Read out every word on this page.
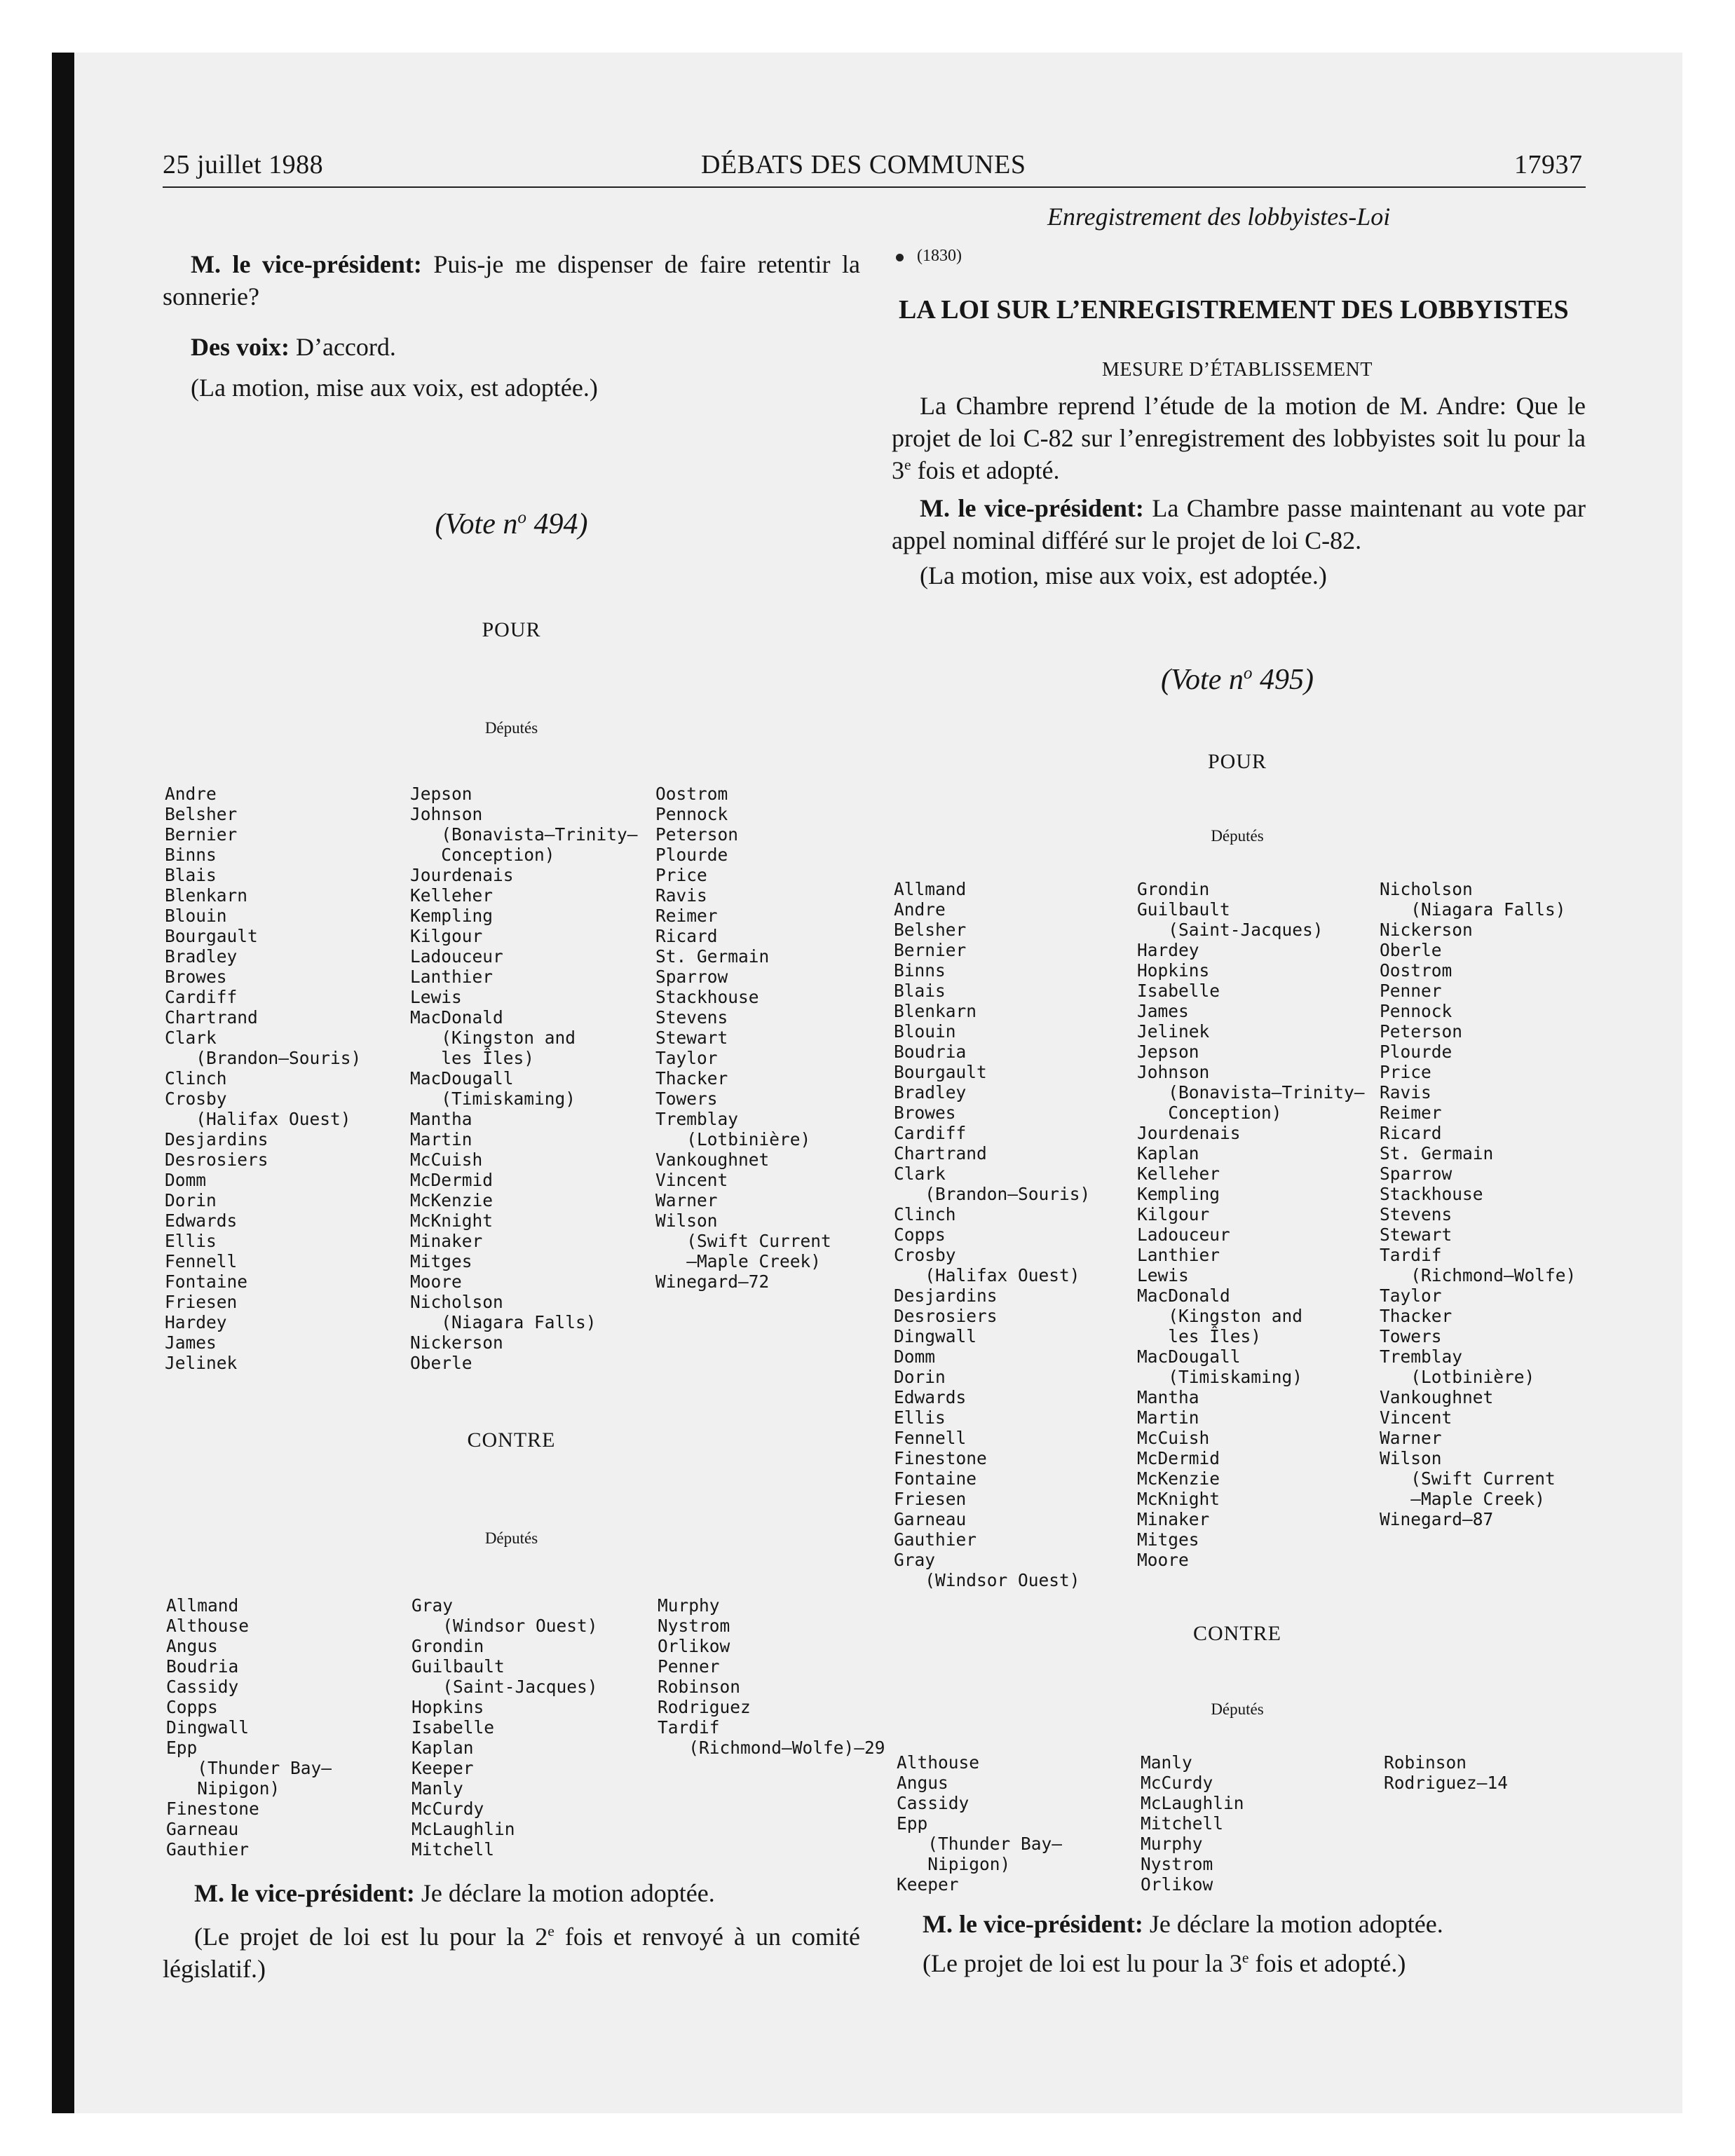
25 juillet 1988	DÉBATS DES COMMUNES	17937

M. le vice-président: Puis-je me dispenser de faire retentir la sonnerie?

Des voix: D’accord.

(La motion, mise aux voix, est adoptée.)

(Vote $n^o$ 494)
POUR
Députés
Andre
Belsher
Bernier
Binns
Blais
Blenkarn
Blouin
Bourgault
Bradley
Browes
Cardiff
Chartrand
Clark
(Brandon—Souris)
Clinch
Crosby
(Halifax Ouest)
Desjardins
Desrosiers
Domm
Dorin
Edwards
Ellis
Fennell
Fontaine
Friesen
Hardey
James
Jelinek
Jepson
Johnson
(Bonavista—Trinity—
Conception)
Jourdenais
Kelleher
Kempling
Kilgour
Ladouceur
Lanthier
Lewis
MacDonald
(Kingston and
les Îles)
MacDougall
(Timiskaming)
Mantha
Martin
McCuish
McDermid
McKenzie
McKnight
Minaker
Mitges
Moore
Nicholson
(Niagara Falls)
Nickerson
Oberle
Oostrom
Pennock
Peterson
Plourde
Price
Ravis
Reimer
Ricard
St. Germain
Sparrow
Stackhouse
Stevens
Stewart
Taylor
Thacker
Towers
Tremblay
(Lotbinière)
Vankoughnet
Vincent
Warner
Wilson
(Swift Current
—Maple Creek)
Winegard—72
CONTRE
Députés
Allmand
Althouse
Angus
Boudria
Cassidy
Copps
Dingwall
Epp
(Thunder Bay—
Nipigon)
Finestone
Garneau
Gauthier
Gray
(Windsor Ouest)
Grondin
Guilbault
(Saint-Jacques)
Hopkins
Isabelle
Kaplan
Keeper
Manly
McCurdy
McLaughlin
Mitchell
Murphy
Nystrom
Orlikow
Penner
Robinson
Rodriguez
Tardif
(Richmond—Wolfe)—29

M. le vice-président: Je déclare la motion adoptée.

(Le projet de loi est lu pour la 2e fois et renvoyé à un comité législatif.)

Enregistrement des lobbyistes-Loi
(1830)
LA LOI SUR L’ENREGISTREMENT DES LOBBYISTES
MESURE D’ÉTABLISSEMENT

La Chambre reprend l’étude de la motion de M. Andre: Que le projet de loi C-82 sur l’enregistrement des lobbyistes soit lu pour la 3e fois et adopté.

M. le vice-président: La Chambre passe maintenant au vote par appel nominal différé sur le projet de loi C-82.

(La motion, mise aux voix, est adoptée.)

(Vote $n^o$ 495)
POUR
Députés
Allmand
Andre
Belsher
Bernier
Binns
Blais
Blenkarn
Blouin
Boudria
Bourgault
Bradley
Browes
Cardiff
Chartrand
Clark
(Brandon—Souris)
Clinch
Copps
Crosby
(Halifax Ouest)
Desjardins
Desrosiers
Dingwall
Domm
Dorin
Edwards
Ellis
Fennell
Finestone
Fontaine
Friesen
Garneau
Gauthier
Gray
(Windsor Ouest)
Grondin
Guilbault
(Saint-Jacques)
Hardey
Hopkins
Isabelle
James
Jelinek
Jepson
Johnson
(Bonavista—Trinity—
Conception)
Jourdenais
Kaplan
Kelleher
Kempling
Kilgour
Ladouceur
Lanthier
Lewis
MacDonald
(Kingston and
les Îles)
MacDougall
(Timiskaming)
Mantha
Martin
McCuish
McDermid
McKenzie
McKnight
Minaker
Mitges
Moore
Nicholson
(Niagara Falls)
Nickerson
Oberle
Oostrom
Penner
Pennock
Peterson
Plourde
Price
Ravis
Reimer
Ricard
St. Germain
Sparrow
Stackhouse
Stevens
Stewart
Tardif
(Richmond—Wolfe)
Taylor
Thacker
Towers
Tremblay
(Lotbinière)
Vankoughnet
Vincent
Warner
Wilson
(Swift Current
—Maple Creek)
Winegard—87
CONTRE
Députés
Althouse
Angus
Cassidy
Epp
(Thunder Bay—
Nipigon)
Keeper
Manly
McCurdy
McLaughlin
Mitchell
Murphy
Nystrom
Orlikow
Robinson
Rodriguez—14

M. le vice-président: Je déclare la motion adoptée.

(Le projet de loi est lu pour la 3e fois et adopté.)
